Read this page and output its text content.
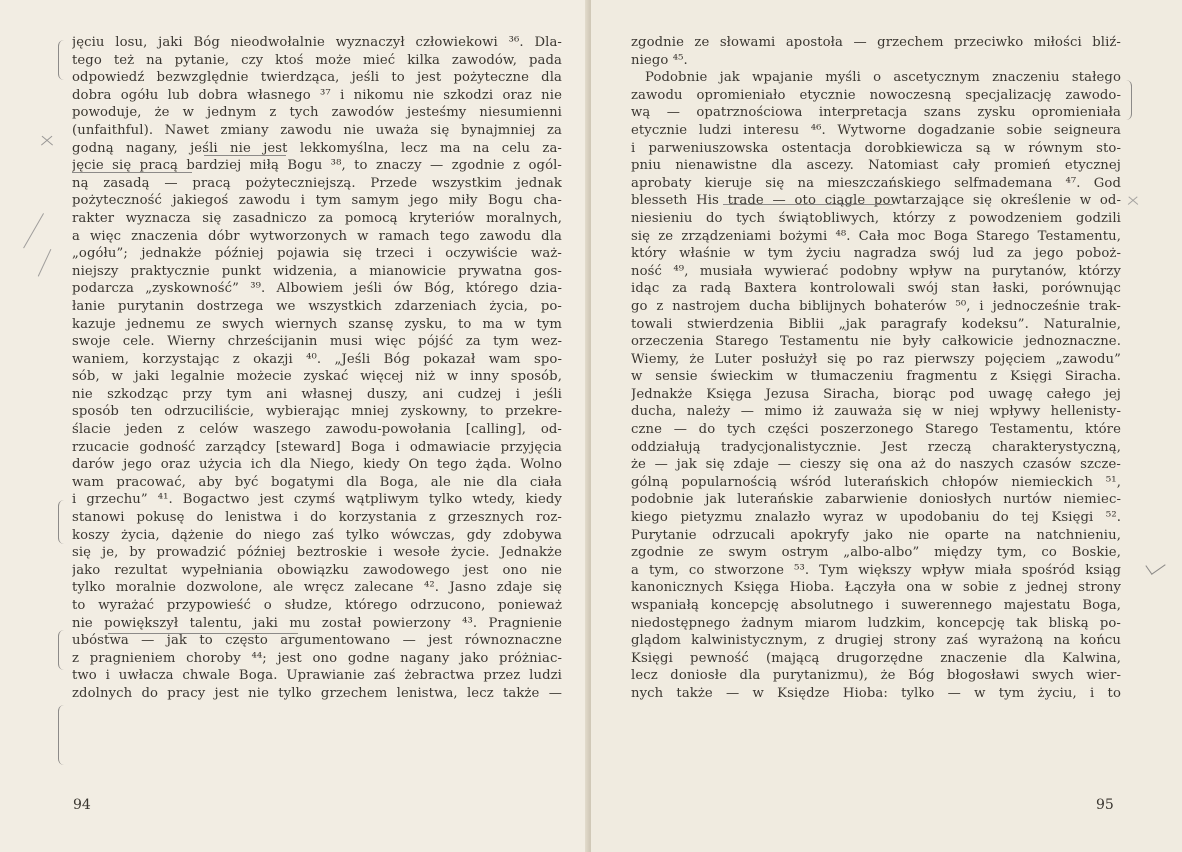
jęciu losu, jaki Bóg nieodwołalnie wyznaczył człowiekowi ³⁶. Dla-
tego też na pytanie, czy ktoś może mieć kilka zawodów, pada
odpowiedź bezwzględnie twierdząca, jeśli to jest pożyteczne dla
dobra ogółu lub dobra własnego ³⁷ i nikomu nie szkodzi oraz nie
powoduje, że w jednym z tych zawodów jesteśmy niesumienni
(unfaithful). Nawet zmiany zawodu nie uważa się bynajmniej za
godną nagany, jeśli nie jest lekkomyślna, lecz ma na celu za-
jęcie się pracą bardziej miłą Bogu ³⁸, to znaczy — zgodnie z ogól-
ną zasadą — pracą pożyteczniejszą. Przede wszystkim jednak
pożyteczność jakiegoś zawodu i tym samym jego miły Bogu cha-
rakter wyznacza się zasadniczo za pomocą kryteriów moralnych,
a więc znaczenia dóbr wytworzonych w ramach tego zawodu dla
„ogółu”; jednakże później pojawia się trzeci i oczywiście waż-
niejszy praktycznie punkt widzenia, a mianowicie prywatna gos-
podarcza „zyskowność” ³⁹. Albowiem jeśli ów Bóg, którego dzia-
łanie purytanin dostrzega we wszystkich zdarzeniach życia, po-
kazuje jednemu ze swych wiernych szansę zysku, to ma w tym
swoje cele. Wierny chrześcijanin musi więc pójść za tym wez-
waniem, korzystając z okazji ⁴⁰. „Jeśli Bóg pokazał wam spo-
sób, w jaki legalnie możecie zyskać więcej niż w inny sposób,
nie szkodząc przy tym ani własnej duszy, ani cudzej i jeśli
sposób ten odrzuciliście, wybierając mniej zyskowny, to przekre-
ślacie jeden z celów waszego zawodu-powołania [calling], od-
rzucacie godność zarządcy [steward] Boga i odmawiacie przyjęcia
darów jego oraz użycia ich dla Niego, kiedy On tego żąda. Wolno
wam pracować, aby być bogatymi dla Boga, ale nie dla ciała
i grzechu” ⁴¹. Bogactwo jest czymś wątpliwym tylko wtedy, kiedy
stanowi pokusę do lenistwa i do korzystania z grzesznych roz-
koszy życia, dążenie do niego zaś tylko wówczas, gdy zdobywa
się je, by prowadzić później beztroskie i wesołe życie. Jednakże
jako rezultat wypełniania obowiązku zawodowego jest ono nie
tylko moralnie dozwolone, ale wręcz zalecane ⁴². Jasno zdaje się
to wyrażać przypowieść o słudze, którego odrzucono, ponieważ
nie powiększył talentu, jaki mu został powierzony ⁴³. Pragnienie
ubóstwa — jak to często argumentowano — jest równoznaczne
z pragnieniem choroby ⁴⁴; jest ono godne nagany jako próżniac-
two i uwłacza chwale Boga. Uprawianie zaś żebractwa przez ludzi
zdolnych do pracy jest nie tylko grzechem lenistwa, lecz także —
94
zgodnie ze słowami apostoła — grzechem przeciwko miłości bliź-
niego ⁴⁵.
Podobnie jak wpajanie myśli o ascetycznym znaczeniu stałego
zawodu opromieniało etycznie nowoczesną specjalizację zawodo-
wą — opatrznościowa interpretacja szans zysku opromieniała
etycznie ludzi interesu ⁴⁶. Wytworne dogadzanie sobie seigneura
i parweniuszowska ostentacja dorobkiewicza są w równym sto-
pniu nienawistne dla ascezy. Natomiast cały promień etycznej
aprobaty kieruje się na mieszczańskiego selfmademana ⁴⁷. God
blesseth His trade — oto ciągle powtarzające się określenie w od-
niesieniu do tych świątobliwych, którzy z powodzeniem godzili
się ze zrządzeniami bożymi ⁴⁸. Cała moc Boga Starego Testamentu,
który właśnie w tym życiu nagradza swój lud za jego poboż-
ność ⁴⁹, musiała wywierać podobny wpływ na purytanów, którzy
idąc za radą Baxtera kontrolowali swój stan łaski, porównując
go z nastrojem ducha biblijnych bohaterów ⁵⁰, i jednocześnie trak-
towali stwierdzenia Biblii „jak paragrafy kodeksu”. Naturalnie,
orzeczenia Starego Testamentu nie były całkowicie jednoznaczne.
Wiemy, że Luter posłużył się po raz pierwszy pojęciem „zawodu”
w sensie świeckim w tłumaczeniu fragmentu z Księgi Siracha.
Jednakże Księga Jezusa Siracha, biorąc pod uwagę całego jej
ducha, należy — mimo iż zauważa się w niej wpływy hellenisty-
czne — do tych części poszerzonego Starego Testamentu, które
oddziałują tradycjonalistycznie. Jest rzeczą charakterystyczną,
że — jak się zdaje — cieszy się ona aż do naszych czasów szcze-
gólną popularnością wśród luterańskich chłopów niemieckich ⁵¹,
podobnie jak luterańskie zabarwienie doniosłych nurtów niemiec-
kiego pietyzmu znalazło wyraz w upodobaniu do tej Księgi ⁵².
Purytanie odrzucali apokryfy jako nie oparte na natchnieniu,
zgodnie ze swym ostrym „albo-albo” między tym, co Boskie,
a tym, co stworzone ⁵³. Tym większy wpływ miała spośród ksiąg
kanonicznych Księga Hioba. Łączyła ona w sobie z jednej strony
wspaniałą koncepcję absolutnego i suwerennego majestatu Boga,
niedostępnego żadnym miarom ludzkim, koncepcję tak bliską po-
glądom kalwinistycznym, z drugiej strony zaś wyrażoną na końcu
Księgi pewność (mającą drugorzędne znaczenie dla Kalwina,
lecz doniosłe dla purytanizmu), że Bóg błogosławi swych wier-
nych także — w Księdze Hioba: tylko — w tym życiu, i to
95
